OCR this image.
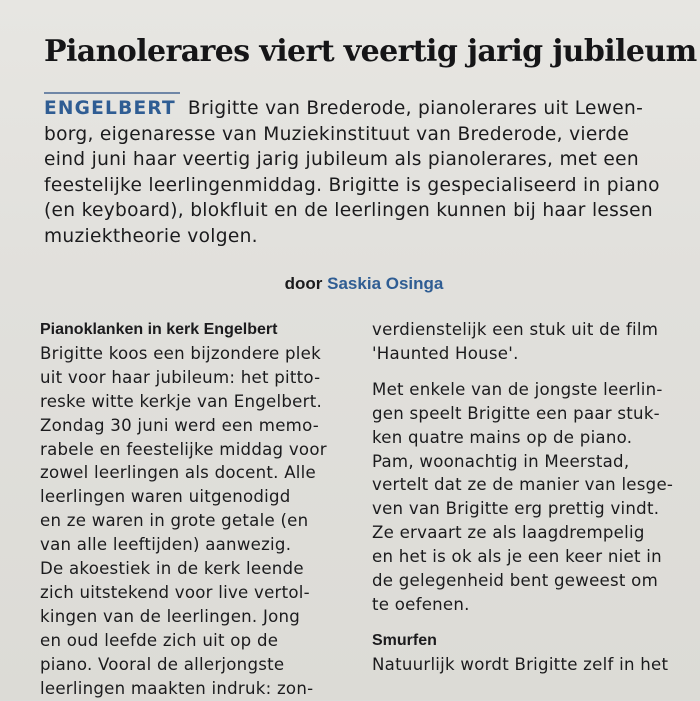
Pianolerares viert veertig jarig jubileum
ENGELBERT Brigitte van Brederode, pianolerares uit Lewen-
borg, eigenaresse van Muziekinstituut van Brederode, vierde
eind juni haar veertig jarig jubileum als pianolerares, met een
feestelijke leerlingenmiddag. Brigitte is gespecialiseerd in piano
(en keyboard), blokfluit en de leerlingen kunnen bij haar lessen
muziektheorie volgen.
door Saskia Osinga
Pianoklanken in kerk Engelbert
Brigitte koos een bijzondere plek
uit voor haar jubileum: het pitto-
reske witte kerkje van Engelbert.
Zondag 30 juni werd een memo-
rabele en feestelijke middag voor
zowel leerlingen als docent. Alle
leerlingen waren uitgenodigd
en ze waren in grote getale (en
van alle leeftijden) aanwezig.
De akoestiek in de kerk leende
zich uitstekend voor live vertol-
kingen van de leerlingen. Jong
en oud leefde zich uit op de
piano. Vooral de allerjongste
leerlingen maakten indruk: zon-
verdienstelijk een stuk uit de film
'Haunted House'.
Met enkele van de jongste leerlin-
gen speelt Brigitte een paar stuk-
ken quatre mains op de piano.
Pam, woonachtig in Meerstad,
vertelt dat ze de manier van lesge-
ven van Brigitte erg prettig vindt.
Ze ervaart ze als laagdrempelig
en het is ok als je een keer niet in
de gelegenheid bent geweest om
te oefenen.
Smurfen
Natuurlijk wordt Brigitte zelf in het
